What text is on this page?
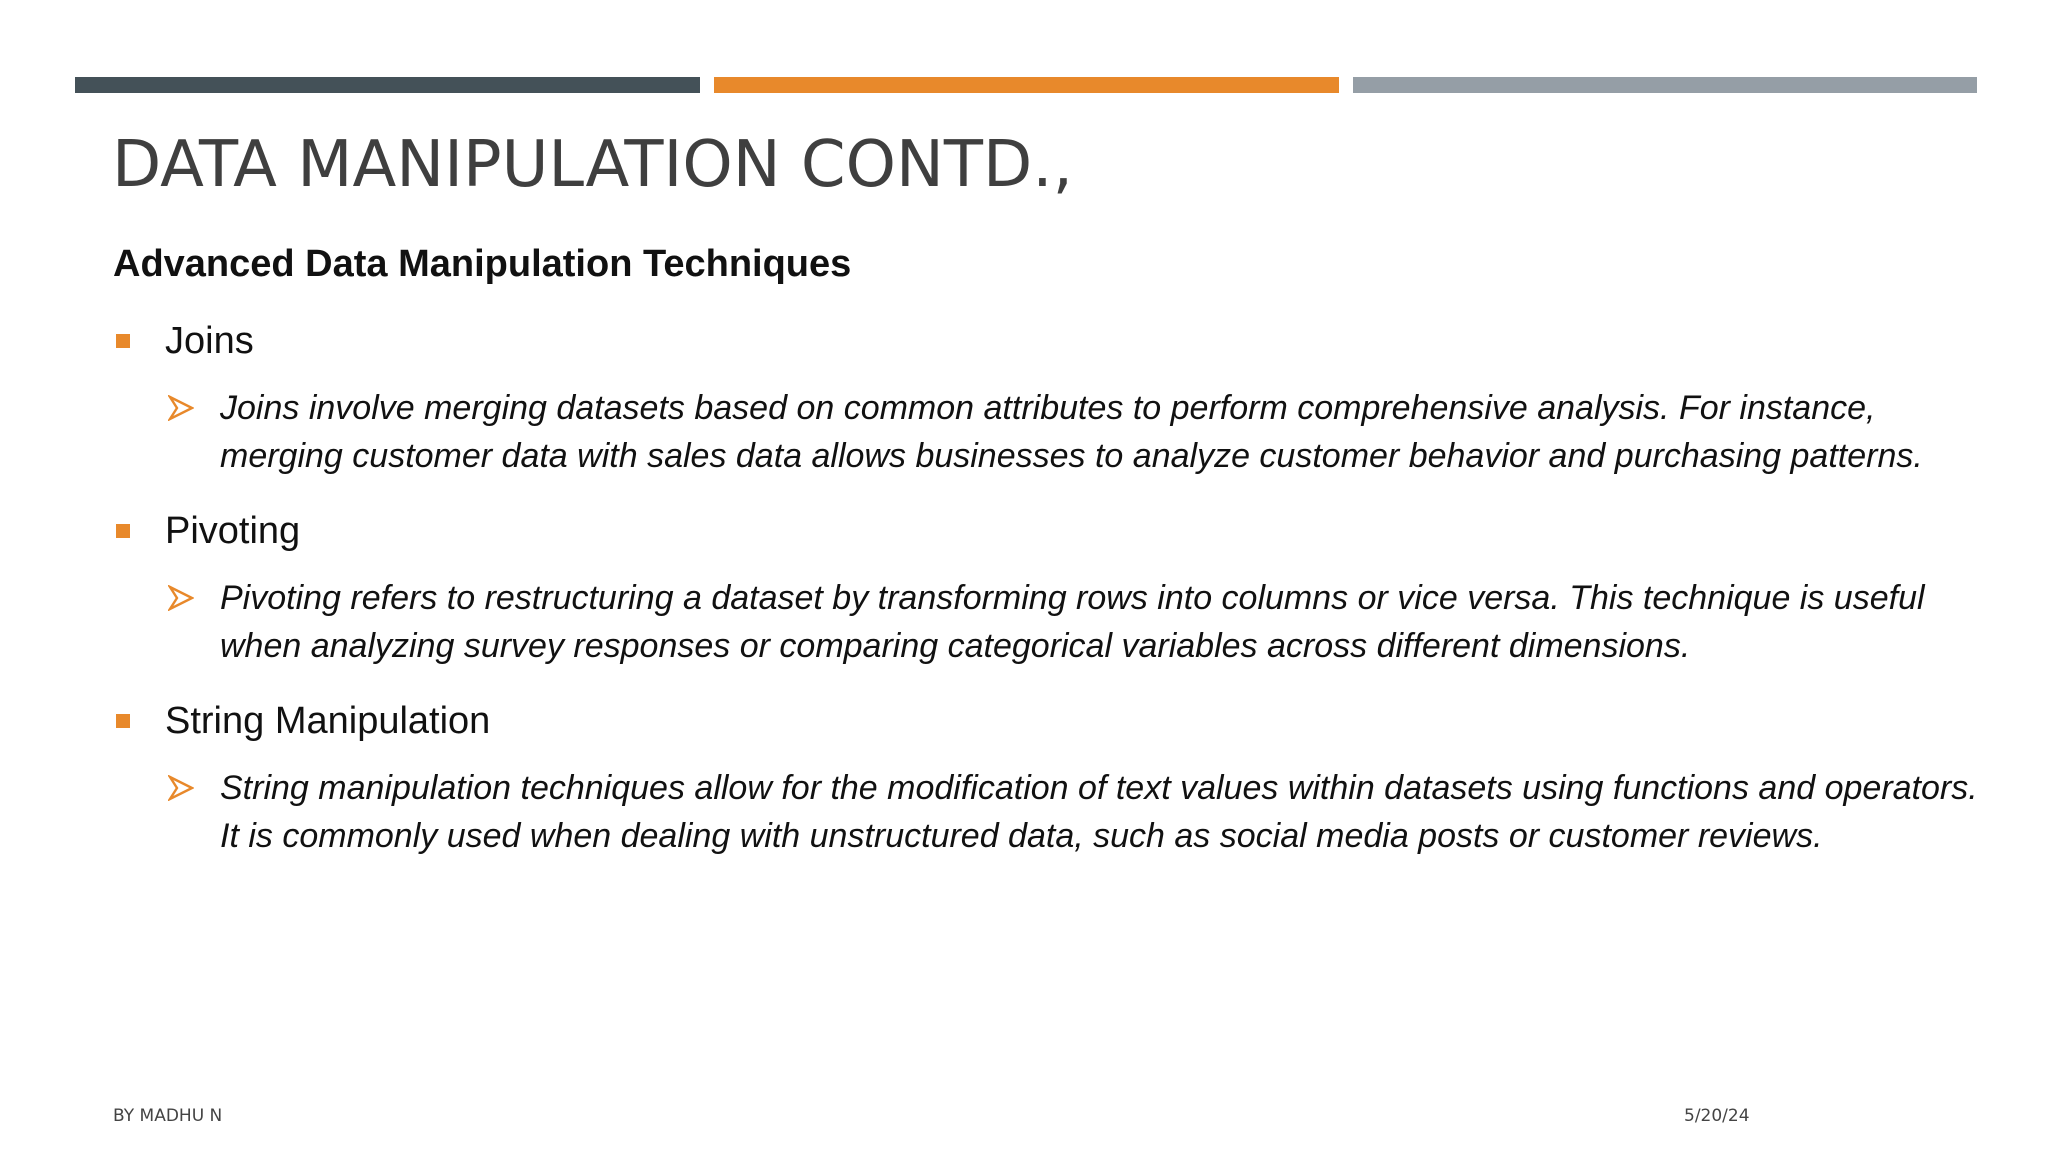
DATA MANIPULATION CONTD.,
Advanced Data Manipulation Techniques
Joins
Joins involve merging datasets based on common attributes to perform comprehensive analysis. For instance, merging customer data with sales data allows businesses to analyze customer behavior and purchasing patterns.
Pivoting
Pivoting refers to restructuring a dataset by transforming rows into columns or vice versa. This technique is useful when analyzing survey responses or comparing categorical variables across different dimensions.
String Manipulation
String manipulation techniques allow for the modification of text values within datasets using functions and operators. It is commonly used when dealing with unstructured data, such as social media posts or customer reviews.
BY MADHU N	5/20/24
